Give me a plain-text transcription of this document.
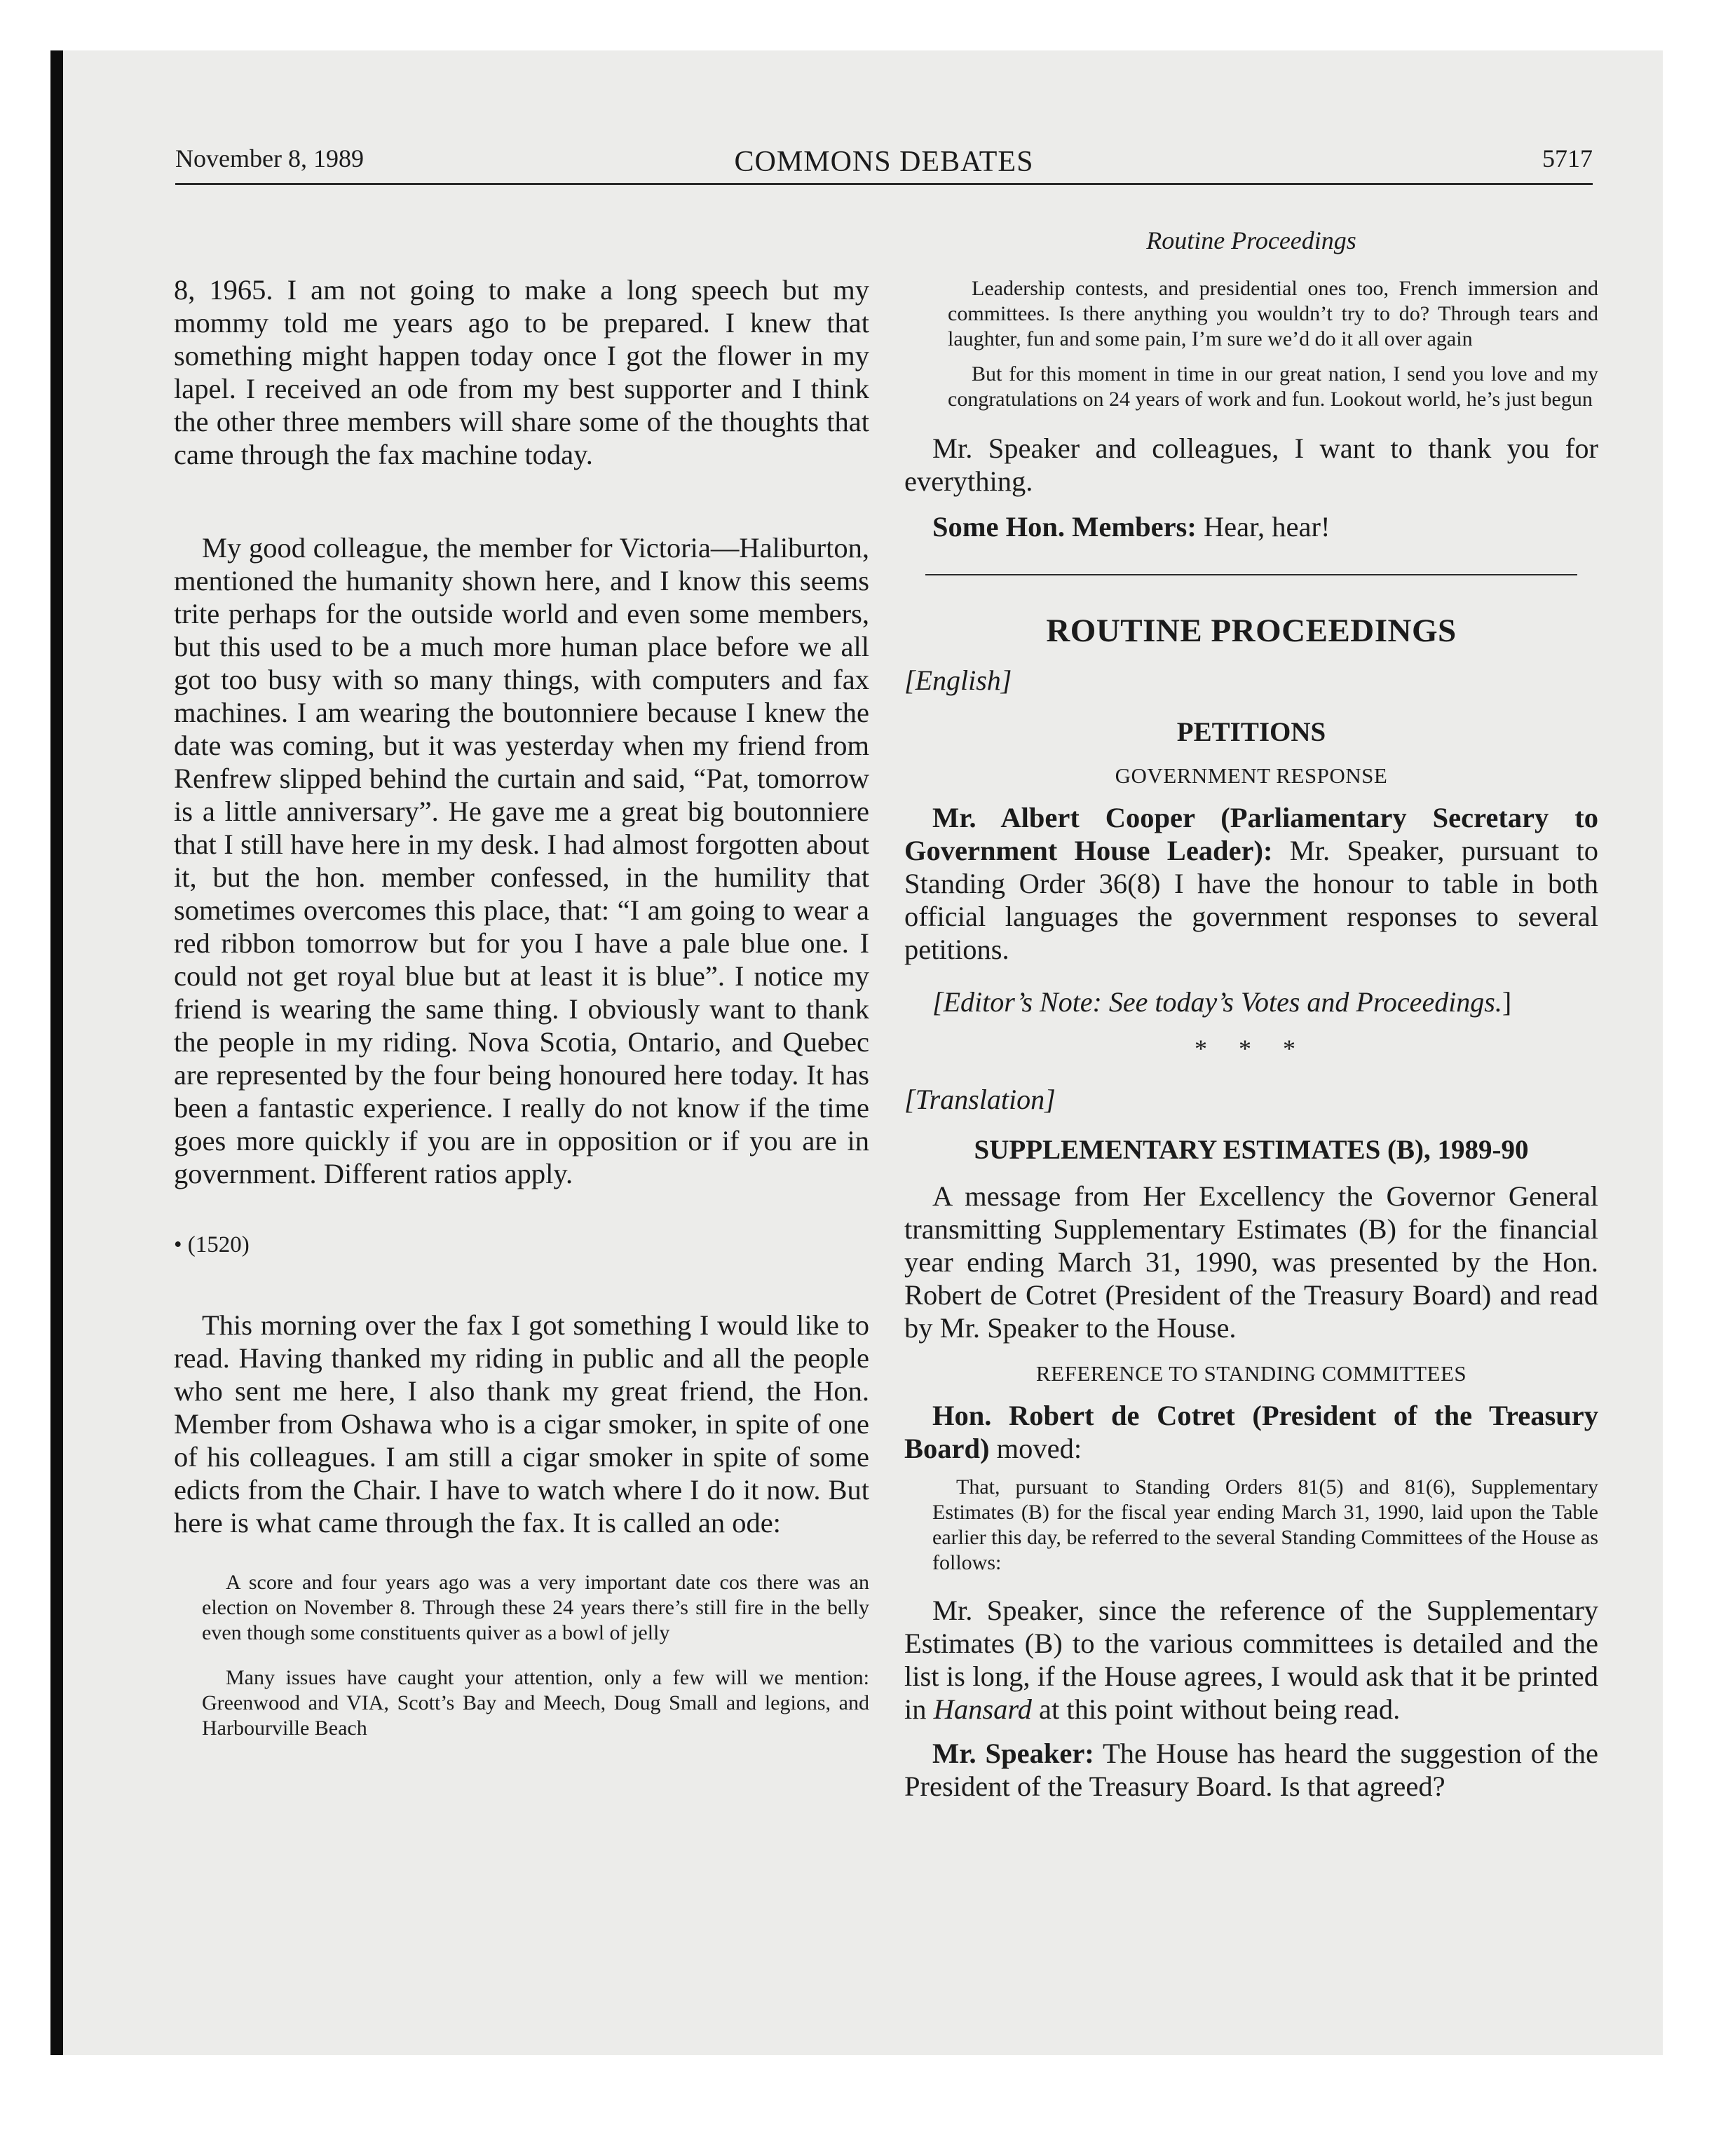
November 8, 1989	COMMONS DEBATES	5717

8, 1965. I am not going to make a long speech but my mommy told me years ago to be prepared. I knew that something might happen today once I got the flower in my lapel. I received an ode from my best supporter and I think the other three members will share some of the thoughts that came through the fax machine today.

My good colleague, the member for Victoria—Haliburton, mentioned the humanity shown here, and I know this seems trite perhaps for the outside world and even some members, but this used to be a much more human place before we all got too busy with so many things, with computers and fax machines. I am wearing the boutonniere because I knew the date was coming, but it was yesterday when my friend from Renfrew slipped behind the curtain and said, “Pat, tomorrow is a little anniversary”. He gave me a great big boutonniere that I still have here in my desk. I had almost forgotten about it, but the hon. member confessed, in the humility that sometimes overcomes this place, that: “I am going to wear a red ribbon tomorrow but for you I have a pale blue one. I could not get royal blue but at least it is blue”. I notice my friend is wearing the same thing. I obviously want to thank the people in my riding. Nova Scotia, Ontario, and Quebec are represented by the four being honoured here today. It has been a fantastic experience. I really do not know if the time goes more quickly if you are in opposition or if you are in government. Different ratios apply.

• (1520)

This morning over the fax I got something I would like to read. Having thanked my riding in public and all the people who sent me here, I also thank my great friend, the Hon. Member from Oshawa who is a cigar smoker, in spite of one of his colleagues. I am still a cigar smoker in spite of some edicts from the Chair. I have to watch where I do it now. But here is what came through the fax. It is called an ode:

A score and four years ago was a very important date cos there was an election on November 8. Through these 24 years there’s still fire in the belly even though some constituents quiver as a bowl of jelly

Many issues have caught your attention, only a few will we mention: Greenwood and VIA, Scott’s Bay and Meech, Doug Small and legions, and Harbourville Beach

Routine Proceedings

Leadership contests, and presidential ones too, French immersion and committees. Is there anything you wouldn’t try to do? Through tears and laughter, fun and some pain, I’m sure we’d do it all over again

But for this moment in time in our great nation, I send you love and my congratulations on 24 years of work and fun. Lookout world, he’s just begun

Mr. Speaker and colleagues, I want to thank you for everything.

Some Hon. Members: Hear, hear!

ROUTINE PROCEEDINGS

[English]

PETITIONS

GOVERNMENT RESPONSE

Mr. Albert Cooper (Parliamentary Secretary to Government House Leader): Mr. Speaker, pursuant to Standing Order 36(8) I have the honour to table in both official languages the government responses to several petitions.

[Editor’s Note: See today’s Votes and Proceedings.]

* * *

[Translation]

SUPPLEMENTARY ESTIMATES (B), 1989-90

A message from Her Excellency the Governor General transmitting Supplementary Estimates (B) for the financial year ending March 31, 1990, was presented by the Hon. Robert de Cotret (President of the Treasury Board) and read by Mr. Speaker to the House.

REFERENCE TO STANDING COMMITTEES

Hon. Robert de Cotret (President of the Treasury Board) moved:

That, pursuant to Standing Orders 81(5) and 81(6), Supplementary Estimates (B) for the fiscal year ending March 31, 1990, laid upon the Table earlier this day, be referred to the several Standing Committees of the House as follows:

Mr. Speaker, since the reference of the Supplementary Estimates (B) to the various committees is detailed and the list is long, if the House agrees, I would ask that it be printed in Hansard at this point without being read.

Mr. Speaker: The House has heard the suggestion of the President of the Treasury Board. Is that agreed?
